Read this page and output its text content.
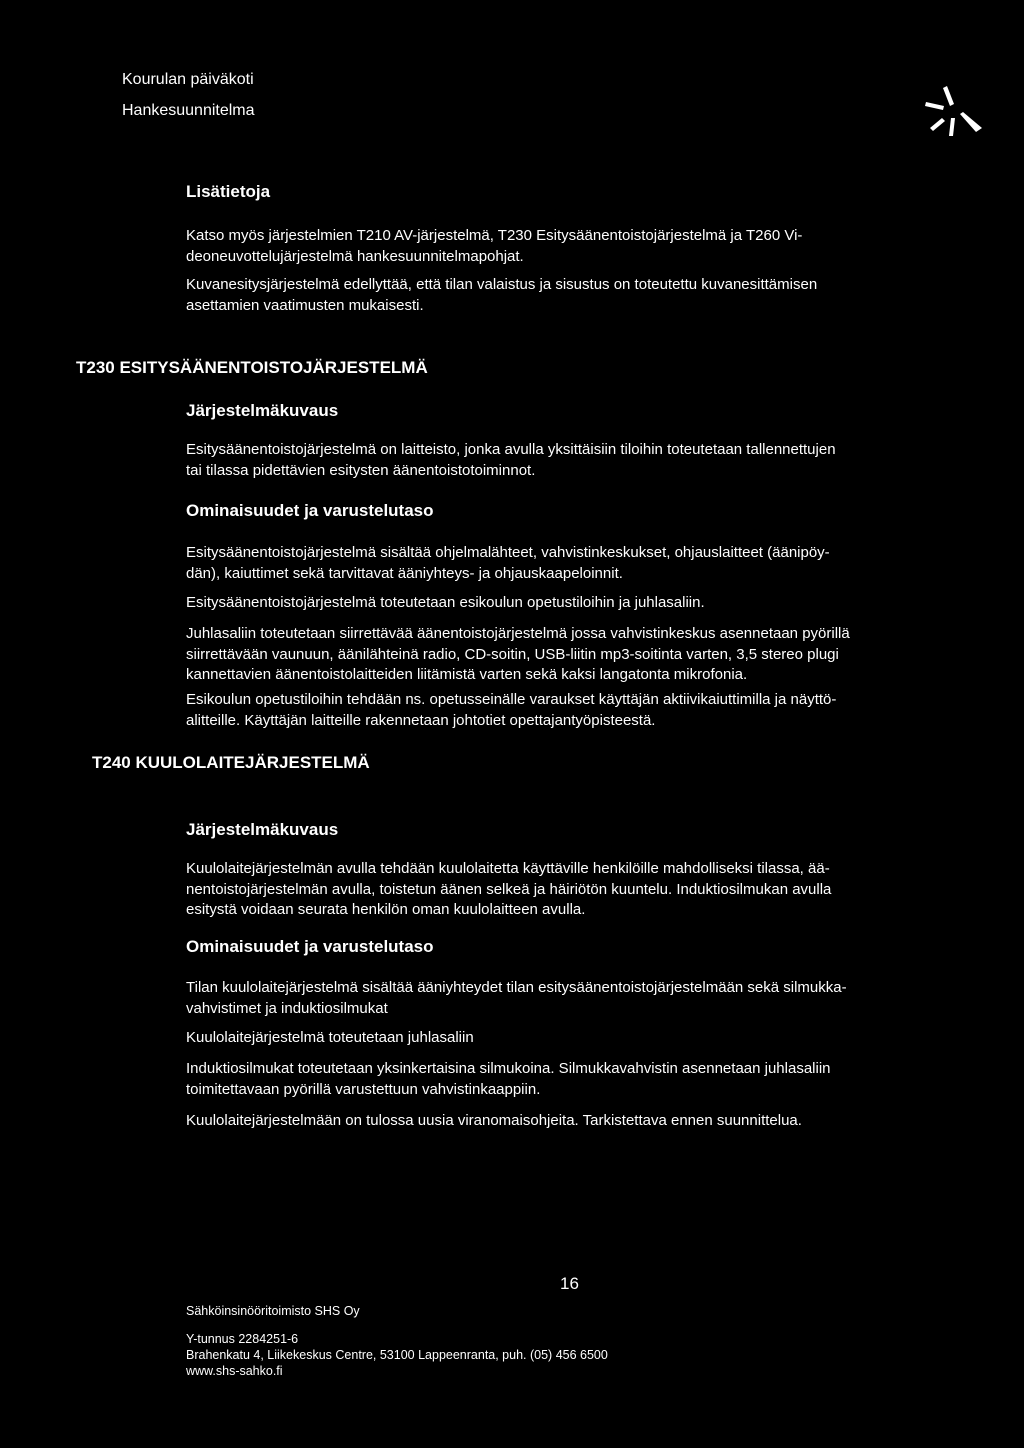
Kourulan päiväkoti
Hankesuunnitelma
Lisätietoja

Katso myös järjestelmien T210 AV-järjestelmä, T230 Esitysäänentoistojärjestelmä ja T260 Vi-

deoneuvottelujärjestelmä hankesuunnitelmapohjat.

Kuvanesitysjärjestelmä edellyttää, että tilan valaistus ja sisustus on toteutettu kuvanesittämisen

asettamien vaatimusten mukaisesti.

T230 ESITYSÄÄNENTOISTOJÄRJESTELMÄ
Järjestelmäkuvaus

Esitysäänentoistojärjestelmä on laitteisto, jonka avulla yksittäisiin tiloihin toteutetaan tallennettujen

tai tilassa pidettävien esitysten äänentoistotoiminnot.

Ominaisuudet ja varustelutaso

Esitysäänentoistojärjestelmä sisältää ohjelmalähteet, vahvistinkeskukset, ohjauslaitteet (äänipöy-

dän), kaiuttimet sekä tarvittavat ääniyhteys- ja ohjauskaapeloinnit.

Esitysäänentoistojärjestelmä toteutetaan esikoulun opetustiloihin ja juhlasaliin.

Juhlasaliin toteutetaan siirrettävää äänentoistojärjestelmä jossa vahvistinkeskus asennetaan pyörillä

siirrettävään vaunuun, äänilähteinä radio, CD-soitin, USB-liitin mp3-soitinta varten, 3,5 stereo plugi

kannettavien äänentoistolaitteiden liitämistä varten sekä kaksi langatonta mikrofonia.

Esikoulun opetustiloihin tehdään ns. opetusseinälle varaukset käyttäjän aktiivikaiuttimilla ja näyttö-

alitteille. Käyttäjän laitteille rakennetaan johtotiet opettajantyöpisteestä.

T240 KUULOLAITEJÄRJESTELMÄ
Järjestelmäkuvaus

Kuulolaitejärjestelmän avulla tehdään kuulolaitetta käyttäville henkilöille mahdolliseksi tilassa, ää-

nentoistojärjestelmän avulla, toistetun äänen selkeä ja häiriötön kuuntelu. Induktiosilmukan avulla

esitystä voidaan seurata henkilön oman kuulolaitteen avulla.

Ominaisuudet ja varustelutaso

Tilan kuulolaitejärjestelmä sisältää ääniyhteydet tilan esitysäänentoistojärjestelmään sekä silmukka-

vahvistimet ja induktiosilmukat

Kuulolaitejärjestelmä toteutetaan juhlasaliin

Induktiosilmukat toteutetaan yksinkertaisina silmukoina. Silmukkavahvistin asennetaan juhlasaliin

toimitettavaan pyörillä varustettuun vahvistinkaappiin.

Kuulolaitejärjestelmään on tulossa uusia viranomaisohjeita. Tarkistettava ennen suunnittelua.

16
Sähköinsinööritoimisto SHS Oy
Y-tunnus 2284251-6
Brahenkatu 4, Liikekeskus Centre, 53100 Lappeenranta, puh. (05) 456 6500
www.shs-sahko.fi
